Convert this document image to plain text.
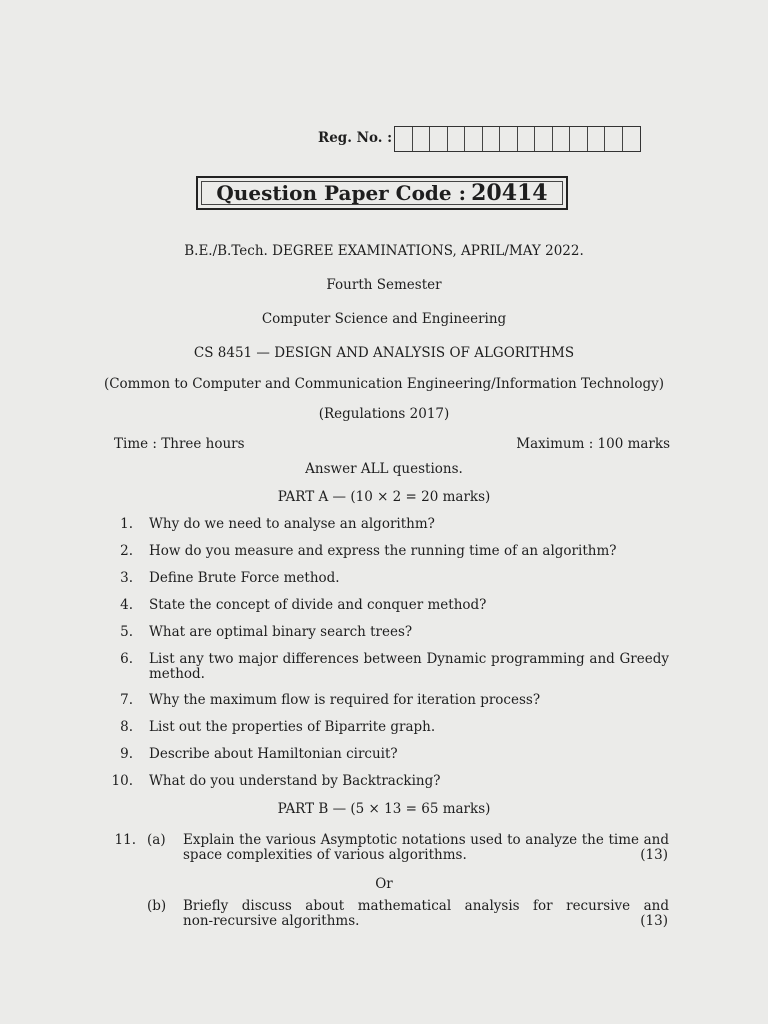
Reg. No. :
Question Paper Code :
20414
B.E./B.Tech. DEGREE EXAMINATIONS, APRIL/MAY 2022.
Fourth Semester
Computer Science and Engineering
CS 8451 — DESIGN AND ANALYSIS OF ALGORITHMS
(Common to Computer and Communication Engineering/Information Technology)
(Regulations 2017)
Time : Three hours	Maximum : 100 marks
Answer ALL questions.
PART A — (10 × 2 = 20 marks)
1. Why do we need to analyse an algorithm?
2. How do you measure and express the running time of an algorithm?
3. Define Brute Force method.
4. State the concept of divide and conquer method?
5. What are optimal binary search trees?
6. List any two major differences between Dynamic programming and Greedy
method.
7. Why the maximum flow is required for iteration process?
8. List out the properties of Biparrite graph.
9. Describe about Hamiltonian circuit?
10. What do you understand by Backtracking?
PART B — (5 × 13 = 65 marks)
11. (a) Explain the various Asymptotic notations used to analyze the time and
space complexities of various algorithms.	(13)
Or
(b) Briefly discuss about mathematical analysis for recursive and
non-recursive algorithms.	(13)
